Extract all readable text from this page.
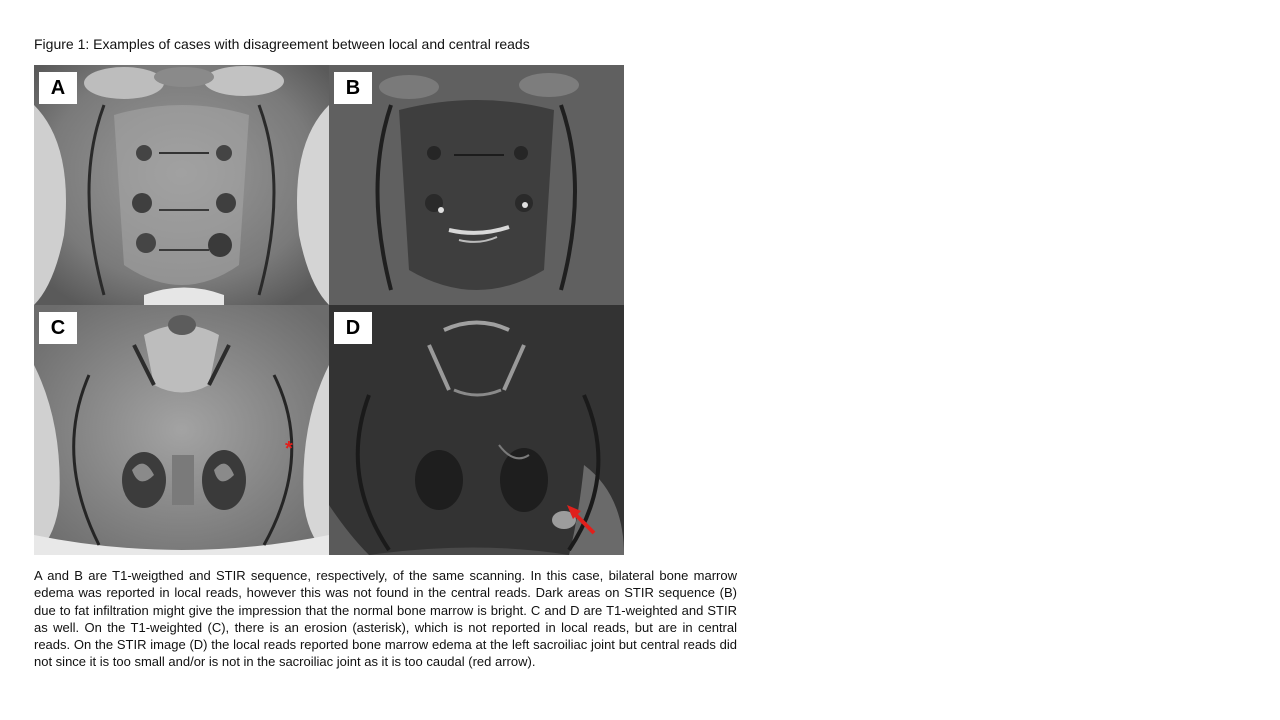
Figure 1: Examples of cases with disagreement between local and central reads
A	B
C
*
D

A and B are T1-weigthed and STIR sequence, respectively, of the same scanning. In this case, bilateral bone marrow edema was reported in local reads, however this was not found in the central reads. Dark areas on STIR sequence (B) due to fat infiltration might give the impression that the normal bone marrow is bright. C and D are T1-weighted and STIR as well. On the T1-weighted (C), there is an erosion (asterisk), which is not reported in local reads, but are in central reads. On the STIR image (D) the local reads reported bone marrow edema at the left sacroiliac joint but central reads did not since it is too small and/or is not in the sacroiliac joint as it is too caudal (red arrow).
